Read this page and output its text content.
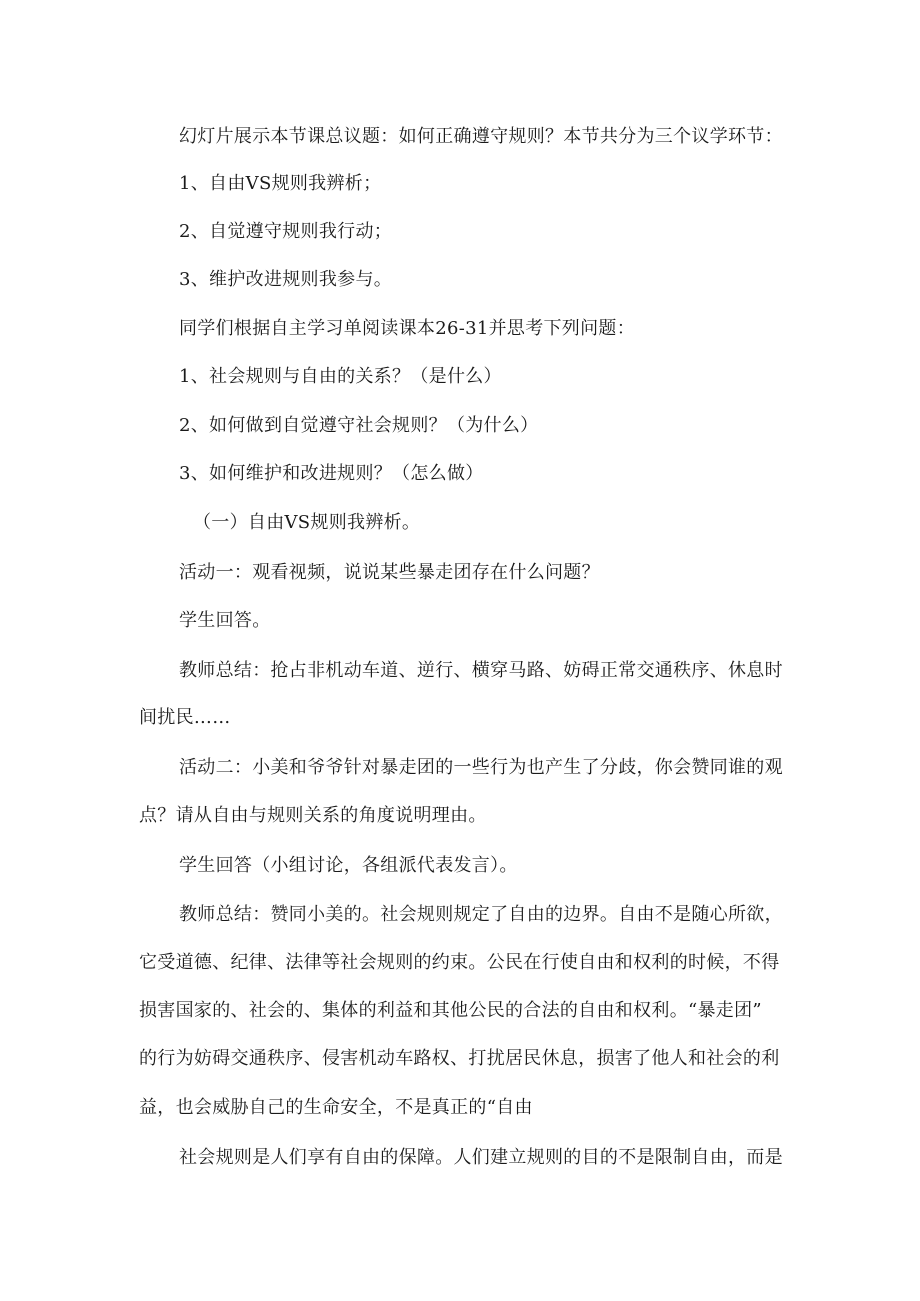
幻灯片展示本节课总议题：如何正确遵守规则？本节共分为三个议学环节：
1、自由VS规则我辨析；
2、自觉遵守规则我行动；
3、维护改进规则我参与。
同学们根据自主学习单阅读课本26-31并思考下列问题：
1、社会规则与自由的关系？（是什么）
2、如何做到自觉遵守社会规则？（为什么）
3、如何维护和改进规则？（怎么做）
（一）自由VS规则我辨析。
活动一：观看视频，说说某些暴走团存在什么问题？
学生回答。
教师总结：抢占非机动车道、逆行、横穿马路、妨碍正常交通秩序、休息时
间扰民……
活动二：小美和爷爷针对暴走团的一些行为也产生了分歧，你会赞同谁的观
点？请从自由与规则关系的角度说明理由。
学生回答（小组讨论，各组派代表发言）。
教师总结：赞同小美的。社会规则规定了自由的边界。自由不是随心所欲，
它受道德、纪律、法律等社会规则的约束。公民在行使自由和权利的时候，不得
损害国家的、社会的、集体的利益和其他公民的合法的自由和权利。“暴走团”
的行为妨碍交通秩序、侵害机动车路权、打扰居民休息，损害了他人和社会的利
益，也会威胁自己的生命安全，不是真正的“自由
社会规则是人们享有自由的保障。人们建立规则的目的不是限制自由，而是
